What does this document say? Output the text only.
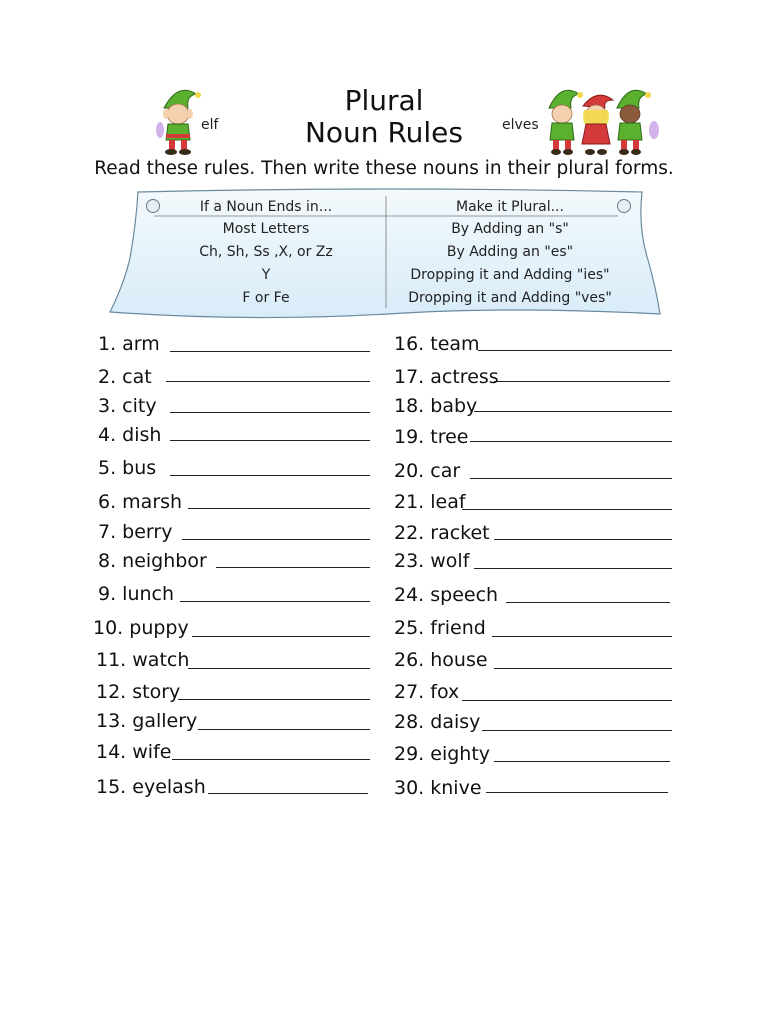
Plural
Noun Rules
elf	elves
Read these rules. Then write these nouns in their plural forms.
If a Noun Ends in...	Make it Plural...
Most Letters	By Adding an "s"
Ch, Sh, Ss ,X, or Zz	By Adding an "es"
Y	Dropping it and Adding "ies"
F or Fe	Dropping it and Adding "ves"
1. arm
2. cat
3. city
4. dish
5. bus
6. marsh
7. berry
8. neighbor
9. lunch
10. puppy
11. watch
12. story
13. gallery
14. wife
15. eyelash
16. team
17. actress
18. baby
19. tree
20. car
21. leaf
22. racket
23. wolf
24. speech
25. friend
26. house
27. fox
28. daisy
29. eighty
30. knive
